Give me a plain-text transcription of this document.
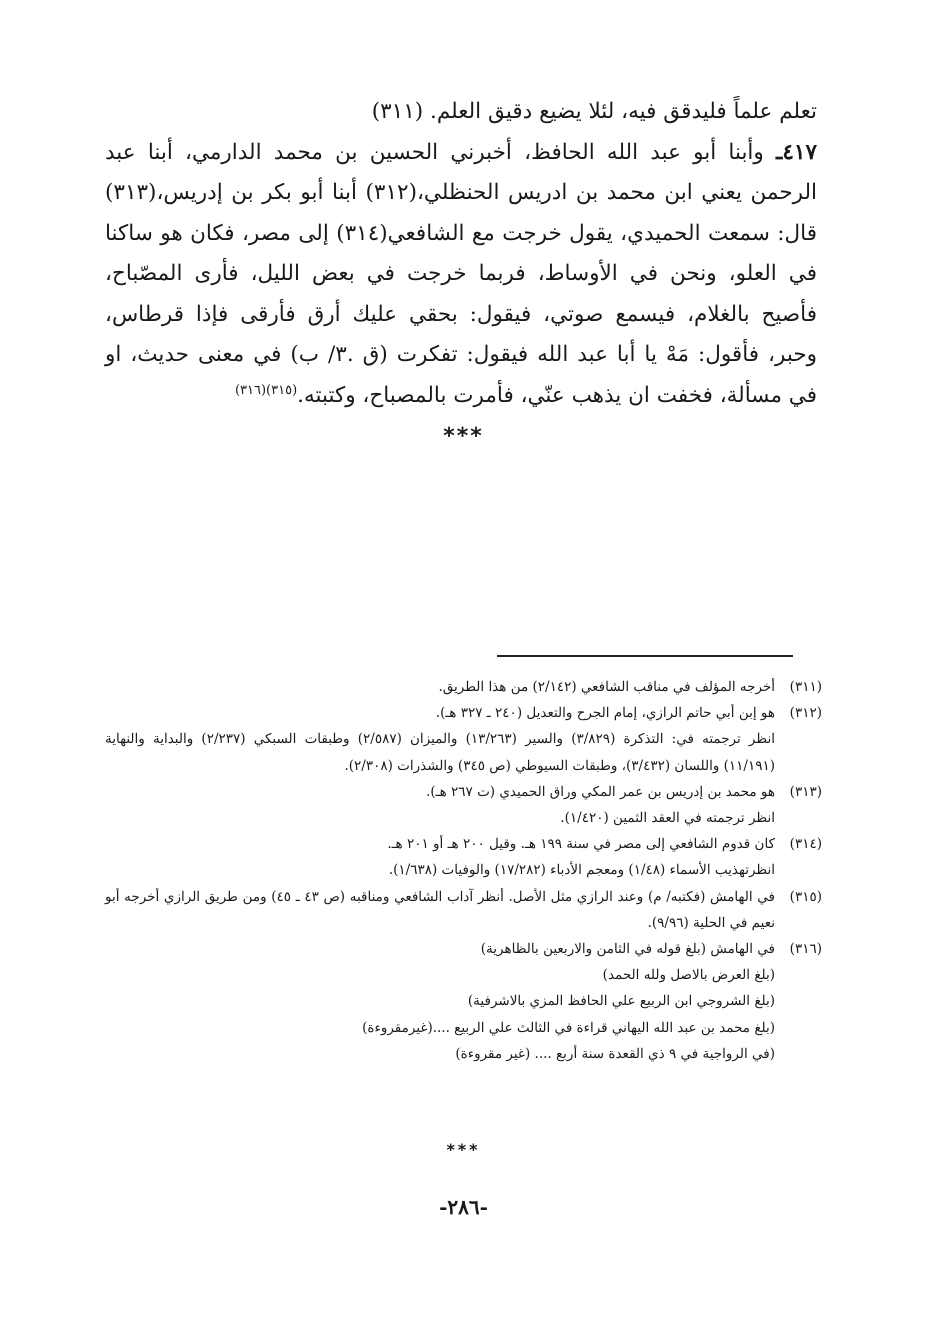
تعلم علماً فليدقق فيه، لئلا يضيع دقيق العلم. (٣١١)

٤١٧ـ وأبنا أبو عبد الله الحافظ، أخبرني الحسين بن محمد الدارمي، أبنا عبد الرحمن يعني ابن محمد بن ادريس الحنظلي،(٣١٢) أبنا أبو بكر بن إدريس،(٣١٣) قال: سمعت الحميدي، يقول خرجت مع الشافعي(٣١٤) إلى مصر، فكان هو ساكنا في العلو، ونحن في الأوساط، فربما خرجت في بعض الليل، فأرى المصّباح، فأصيح بالغلام، فيسمع صوتي، فيقول: بحقي عليك أرق فأرقى فإذا قرطاس، وحبر، فأقول: مَهْ يا أبا عبد الله فيقول: تفكرت (ق .٣/ ب) في معنى حديث، او في مسألة، فخفت ان يذهب عنّي، فأمرت بالمصباح، وكتبته.$^{(٣١٥)(٣١٦)}$

***
(٣١١)
أخرجه المؤلف في مناقب الشافعي (٢/١٤٢) من هذا الطريق.
(٣١٢)
هو إبن أبي حاتم الرازي، إمام الجرح والتعديل (٢٤٠ ـ ٣٢٧ هـ).
انظر ترجمته في: التذكرة (٣/٨٢٩) والسير (١٣/٢٦٣) والميزان (٢/٥٨٧) وطبقات السبكي (٢/٢٣٧) والبداية والنهاية (١١/١٩١) واللسان (٣/٤٣٢)، وطبقات السيوطي (ص ٣٤٥) والشذرات (٢/٣٠٨).
(٣١٣)
هو محمد بن إدريس بن عمر المكي وراق الحميدي (ت ٢٦٧ هـ).
انظر ترجمته في العقد الثمين (١/٤٢٠).
(٣١٤)
كان قدوم الشافعي إلى مصر في سنة ١٩٩ هـ. وقيل ٢٠٠ هـ أو ٢٠١ هـ.
انظرتهذيب الأسماء (١/٤٨) ومعجم الأدباء (١٧/٢٨٢) والوفيات (١/٦٣٨).
(٣١٥)
في الهامش (فكتبه/ م) وعند الرازي مثل الأصل. أنظر آداب الشافعي ومناقبه (ص ٤٣ ـ ٤٥) ومن طريق الرازي أخرجه أبو نعيم في الحلية (٩/٩٦).
(٣١٦)
في الهامش (بلغ قوله في الثامن والاربعين بالظاهرية)
(بلغ العرض بالاصل ولله الحمد)
(بلغ الشروجي ابن الربيع علي الحافظ المزي بالاشرفية)
(بلغ محمد بن عبد الله اليهاني قراءة في الثالث علي الربيع ....(غيرمقروءة)
(في الرواجية في ٩ ذي القعدة سنة أربع .... (غير مقروءة)
***
-٢٨٦-
